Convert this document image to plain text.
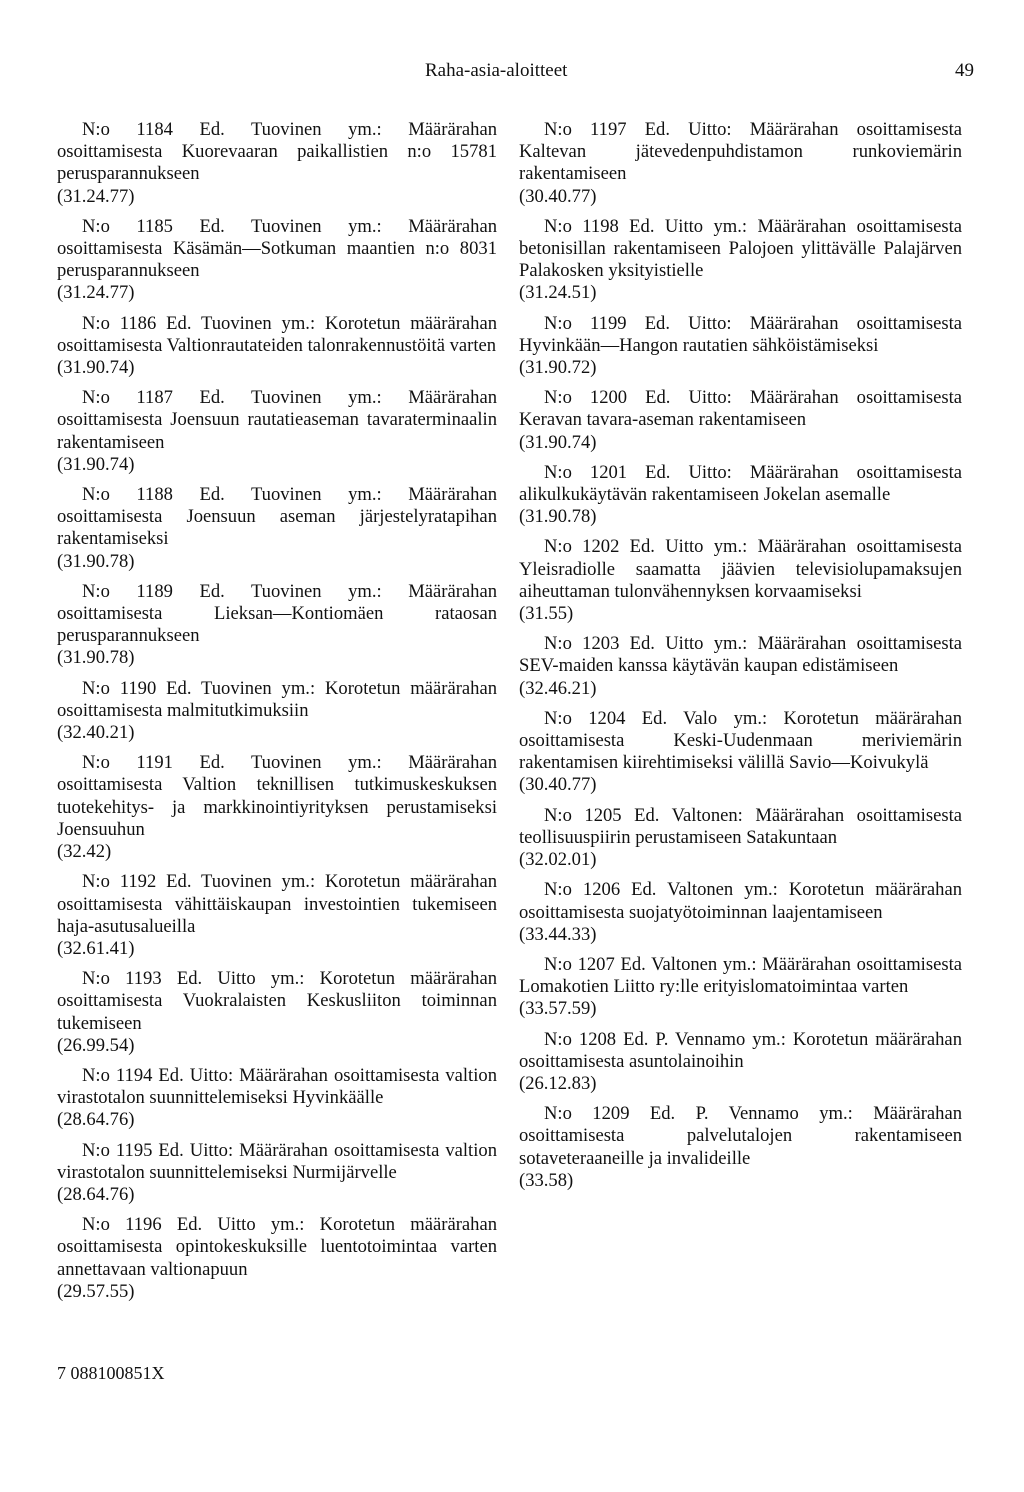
Raha-asia-aloitteet	49
N:o 1184 Ed. Tuovinen ym.: Määrärahan osoittamisesta Kuorevaaran paikallistien n:o 15781 perusparannukseen
(31.24.77)
N:o 1185 Ed. Tuovinen ym.: Määrärahan osoittamisesta Käsämän—Sotkuman maantien n:o 8031 perusparannukseen
(31.24.77)
N:o 1186 Ed. Tuovinen ym.: Korotetun määrärahan osoittamisesta Valtionrautateiden talonrakennustöitä varten
(31.90.74)
N:o 1187 Ed. Tuovinen ym.: Määrärahan osoittamisesta Joensuun rautatieaseman tavaraterminaalin rakentamiseen
(31.90.74)
N:o 1188 Ed. Tuovinen ym.: Määrärahan osoittamisesta Joensuun aseman järjestelyratapihan rakentamiseksi
(31.90.78)
N:o 1189 Ed. Tuovinen ym.: Määrärahan osoittamisesta Lieksan—Kontiomäen rataosan perusparannukseen
(31.90.78)
N:o 1190 Ed. Tuovinen ym.: Korotetun määrärahan osoittamisesta malmitutkimuksiin
(32.40.21)
N:o 1191 Ed. Tuovinen ym.: Määrärahan osoittamisesta Valtion teknillisen tutkimuskeskuksen tuotekehitys- ja markkinointiyrityksen perustamiseksi Joensuuhun
(32.42)
N:o 1192 Ed. Tuovinen ym.: Korotetun määrärahan osoittamisesta vähittäiskaupan investointien tukemiseen haja-asutusalueilla
(32.61.41)
N:o 1193 Ed. Uitto ym.: Korotetun määrärahan osoittamisesta Vuokralaisten Keskusliiton toiminnan tukemiseen
(26.99.54)
N:o 1194 Ed. Uitto: Määrärahan osoittamisesta valtion virastotalon suunnittelemiseksi Hyvinkäälle
(28.64.76)
N:o 1195 Ed. Uitto: Määrärahan osoittamisesta valtion virastotalon suunnittelemiseksi Nurmijärvelle
(28.64.76)
N:o 1196 Ed. Uitto ym.: Korotetun määrärahan osoittamisesta opintokeskuksille luentotoimintaa varten annettavaan valtionapuun
(29.57.55)
N:o 1197 Ed. Uitto: Määrärahan osoittamisesta Kaltevan jätevedenpuhdistamon runkoviemärin rakentamiseen
(30.40.77)
N:o 1198 Ed. Uitto ym.: Määrärahan osoittamisesta betonisillan rakentamiseen Palojoen ylittävälle Palajärven Palakosken yksityistielle
(31.24.51)
N:o 1199 Ed. Uitto: Määrärahan osoittamisesta Hyvinkään—Hangon rautatien sähköistämiseksi
(31.90.72)
N:o 1200 Ed. Uitto: Määrärahan osoittamisesta Keravan tavara-aseman rakentamiseen
(31.90.74)
N:o 1201 Ed. Uitto: Määrärahan osoittamisesta alikulkukäytävän rakentamiseen Jokelan asemalle
(31.90.78)
N:o 1202 Ed. Uitto ym.: Määrärahan osoittamisesta Yleisradiolle saamatta jäävien televisiolupamaksujen aiheuttaman tulonvähennyksen korvaamiseksi
(31.55)
N:o 1203 Ed. Uitto ym.: Määrärahan osoittamisesta SEV-maiden kanssa käytävän kaupan edistämiseen
(32.46.21)
N:o 1204 Ed. Valo ym.: Korotetun määrärahan osoittamisesta Keski-Uudenmaan meriviemärin rakentamisen kiirehtimiseksi välillä Savio—Koivukylä
(30.40.77)
N:o 1205 Ed. Valtonen: Määrärahan osoittamisesta teollisuuspiirin perustamiseen Satakuntaan
(32.02.01)
N:o 1206 Ed. Valtonen ym.: Korotetun määrärahan osoittamisesta suojatyötoiminnan laajentamiseen
(33.44.33)
N:o 1207 Ed. Valtonen ym.: Määrärahan osoittamisesta Lomakotien Liitto ry:lle erityislomatoimintaa varten
(33.57.59)
N:o 1208 Ed. P. Vennamo ym.: Korotetun määrärahan osoittamisesta asuntolainoihin
(26.12.83)
N:o 1209 Ed. P. Vennamo ym.: Määrärahan osoittamisesta palvelutalojen rakentamiseen sotaveteraaneille ja invalideille
(33.58)
7 088100851X
